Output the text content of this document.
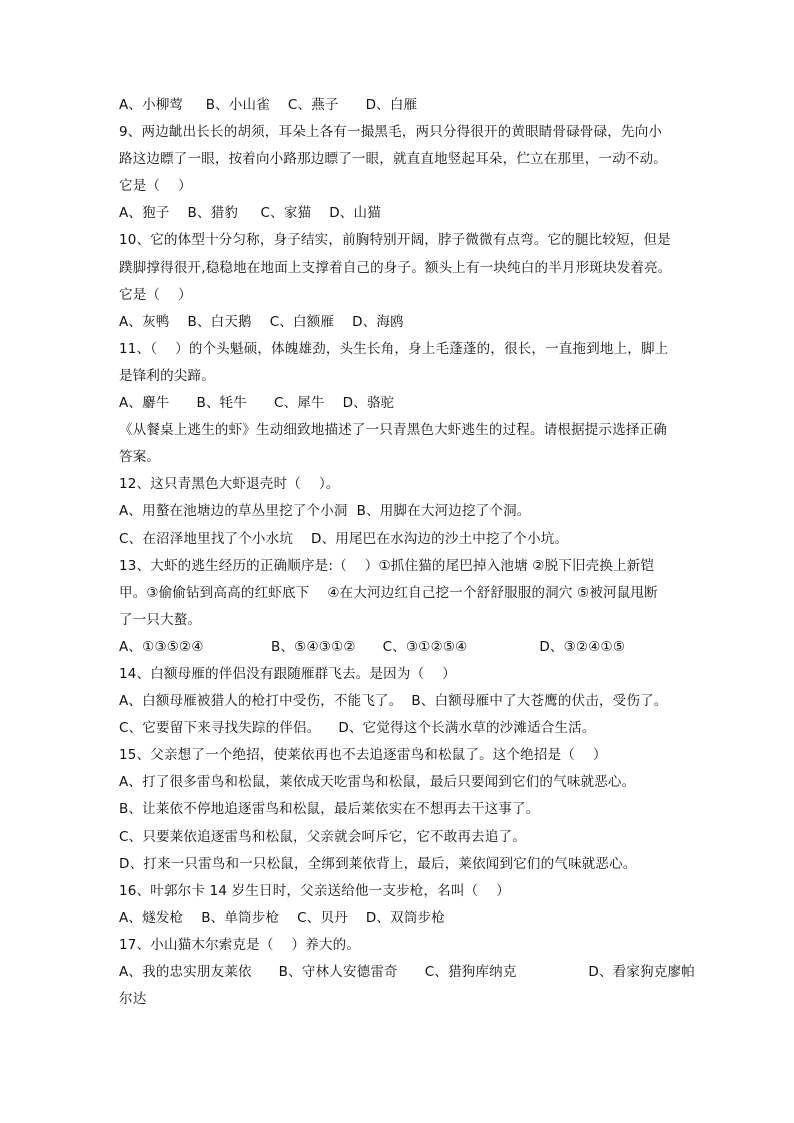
A、小柳莺     B、小山雀    C、燕子      D、白雁
9、两边龇出长长的胡须，耳朵上各有一撮黑毛，两只分得很开的黄眼睛骨碌骨碌，先向小
路这边瞟了一眼，按着向小路那边瞟了一眼，就直直地竖起耳朵，伫立在那里，一动不动。
它是（    ）
A、狍子    B、猎豹     C、家猫    D、山猫
10、它的体型十分匀称，身子结实，前胸特别开阔，脖子微微有点弯。它的腿比较短，但是
蹼脚撑得很开,稳稳地在地面上支撑着自己的身子。额头上有一块纯白的半月形斑块发着亮。
它是（    ）
A、灰鸭    B、白天鹅    C、白额雁    D、海鸥
11、（    ）的个头魁硕，体魄雄劲，头生长角，身上毛蓬蓬的，很长，一直拖到地上，脚上
是锋利的尖蹄。
A、麝牛      B、牦牛      C、犀牛    D、骆驼
《从餐桌上逃生的虾》生动细致地描述了一只青黑色大虾逃生的过程。请根据提示选择正确
答案。
12、这只青黑色大虾退壳时（    ）。
A、用螯在池塘边的草丛里挖了个小洞  B、用脚在大河边挖了个洞。
C、在沼泽地里找了个小水坑    D、用尾巴在水沟边的沙土中挖了个小坑。
13、大虾的逃生经历的正确顺序是:（    ）①抓住猫的尾巴掉入池塘 ②脱下旧壳换上新铠
甲。③偷偷钻到高高的红虾底下    ④在大河边红自己挖一个舒舒服服的洞穴 ⑤被河鼠甩断
了一只大螯。
A、①③⑤②④               B、⑤④③①②      C、③①②⑤④                D、③②④①⑤
14、白额母雁的伴侣没有跟随雁群飞去。是因为（    ）
A、白额母雁被猎人的枪打中受伤，不能飞了。  B、白额母雁中了大苍鹰的伏击，受伤了。
C、它要留下来寻找失踪的伴侣。    D、它觉得这个长满水草的沙滩适合生活。
15、父亲想了一个绝招，使莱依再也不去追逐雷鸟和松鼠了。这个绝招是（    ）
A、打了很多雷鸟和松鼠，莱依成天吃雷鸟和松鼠，最后只要闻到它们的气味就恶心。
B、让莱依不停地追逐雷鸟和松鼠，最后莱依实在不想再去干这事了。
C、只要莱依追逐雷鸟和松鼠，父亲就会呵斥它，它不敢再去追了。
D、打来一只雷鸟和一只松鼠，全绑到莱依背上，最后，莱依闻到它们的气味就恶心。
16、叶郭尔卡 14 岁生日时，父亲送给他一支步枪，名叫（    ）
A、燧发枪    B、单筒步枪    C、贝丹    D、双筒步枪
17、小山猫木尔索克是（    ）养大的。
A、我的忠实朋友莱依      B、守林人安德雷奇      C、猎狗库纳克                D、看家狗克廖帕
尔达
